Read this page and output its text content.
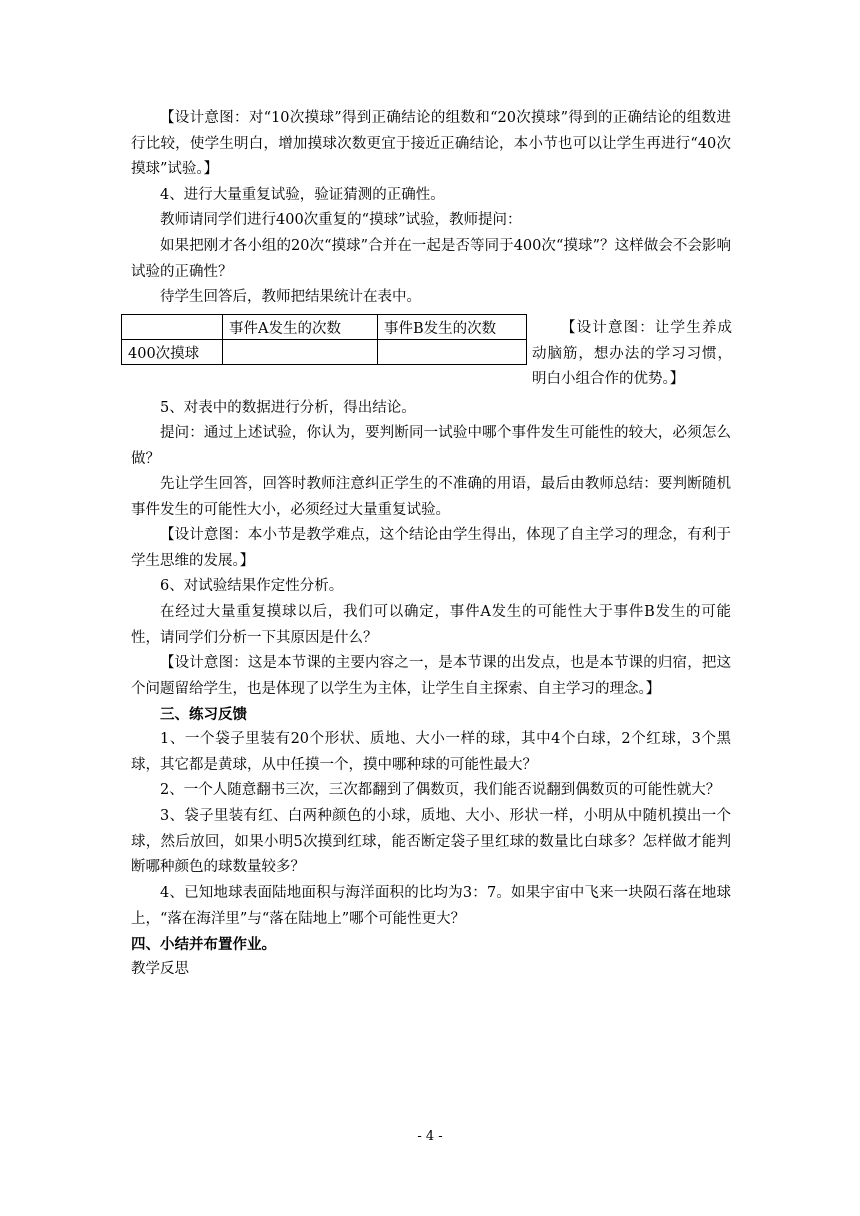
【设计意图：对“10次摸球”得到正确结论的组数和“20次摸球”得到的正确结论的组数进行比较，使学生明白，增加摸球次数更宜于接近正确结论，本小节也可以让学生再进行“40次摸球”试验。】

4、进行大量重复试验，验证猜测的正确性。

教师请同学们进行400次重复的“摸球”试验，教师提问：

如果把刚才各小组的20次“摸球”合并在一起是否等同于400次“摸球”？这样做会不会影响试验的正确性？

待学生回答后，教师把结果统计在表中。

	事件A发生的次数	事件B发生的次数
400次摸球		

【设计意图：让学生养成动脑筋，想办法的学习习惯，明白小组合作的优势。】

5、对表中的数据进行分析，得出结论。

提问：通过上述试验，你认为，要判断同一试验中哪个事件发生可能性的较大，必须怎么做？

先让学生回答，回答时教师注意纠正学生的不准确的用语，最后由教师总结：要判断随机事件发生的可能性大小，必须经过大量重复试验。

【设计意图：本小节是教学难点，这个结论由学生得出，体现了自主学习的理念，有利于学生思维的发展。】

6、对试验结果作定性分析。

在经过大量重复摸球以后，我们可以确定，事件A发生的可能性大于事件B发生的可能性，请同学们分析一下其原因是什么？

【设计意图：这是本节课的主要内容之一，是本节课的出发点，也是本节课的归宿，把这个问题留给学生，也是体现了以学生为主体，让学生自主探索、自主学习的理念。】

三、练习反馈

1、一个袋子里装有20个形状、质地、大小一样的球，其中4个白球，2个红球，3个黑球，其它都是黄球，从中任摸一个，摸中哪种球的可能性最大？

2、一个人随意翻书三次，三次都翻到了偶数页，我们能否说翻到偶数页的可能性就大？

3、袋子里装有红、白两种颜色的小球，质地、大小、形状一样，小明从中随机摸出一个球，然后放回，如果小明5次摸到红球，能否断定袋子里红球的数量比白球多？怎样做才能判断哪种颜色的球数量较多？

4、已知地球表面陆地面积与海洋面积的比均为3：7。如果宇宙中飞来一块陨石落在地球上，“落在海洋里”与“落在陆地上”哪个可能性更大？

四、小结并布置作业。

教学反思

- 4 -
